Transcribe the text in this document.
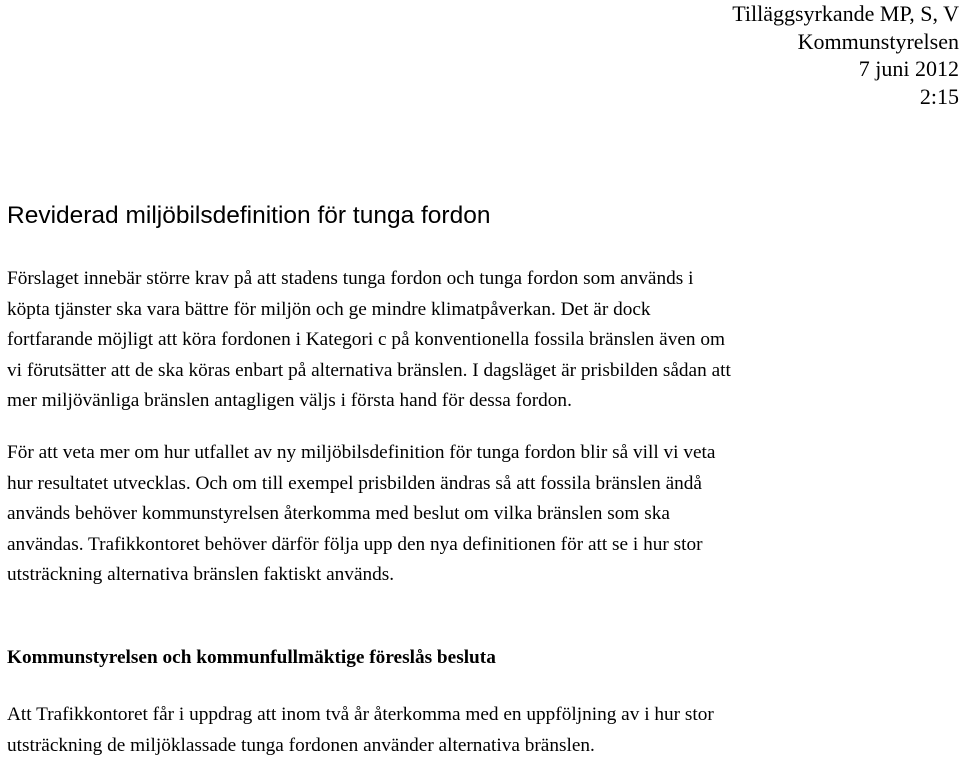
Tilläggsyrkande MP, S, V
Kommunstyrelsen
7 juni 2012
2:15
Reviderad miljöbilsdefinition för tunga fordon

Förslaget innebär större krav på att stadens tunga fordon och tunga fordon som används i
köpta tjänster ska vara bättre för miljön och ge mindre klimatpåverkan. Det är dock
fortfarande möjligt att köra fordonen i Kategori c på konventionella fossila bränslen även om
vi förutsätter att de ska köras enbart på alternativa bränslen. I dagsläget är prisbilden sådan att
mer miljövänliga bränslen antagligen väljs i första hand för dessa fordon.

För att veta mer om hur utfallet av ny miljöbilsdefinition för tunga fordon blir så vill vi veta
hur resultatet utvecklas. Och om till exempel prisbilden ändras så att fossila bränslen ändå
används behöver kommunstyrelsen återkomma med beslut om vilka bränslen som ska
användas. Trafikkontoret behöver därför följa upp den nya definitionen för att se i hur stor
utsträckning alternativa bränslen faktiskt används.

Kommunstyrelsen och kommunfullmäktige föreslås besluta

Att Trafikkontoret får i uppdrag att inom två år återkomma med en uppföljning av i hur stor
utsträckning de miljöklassade tunga fordonen använder alternativa bränslen.
